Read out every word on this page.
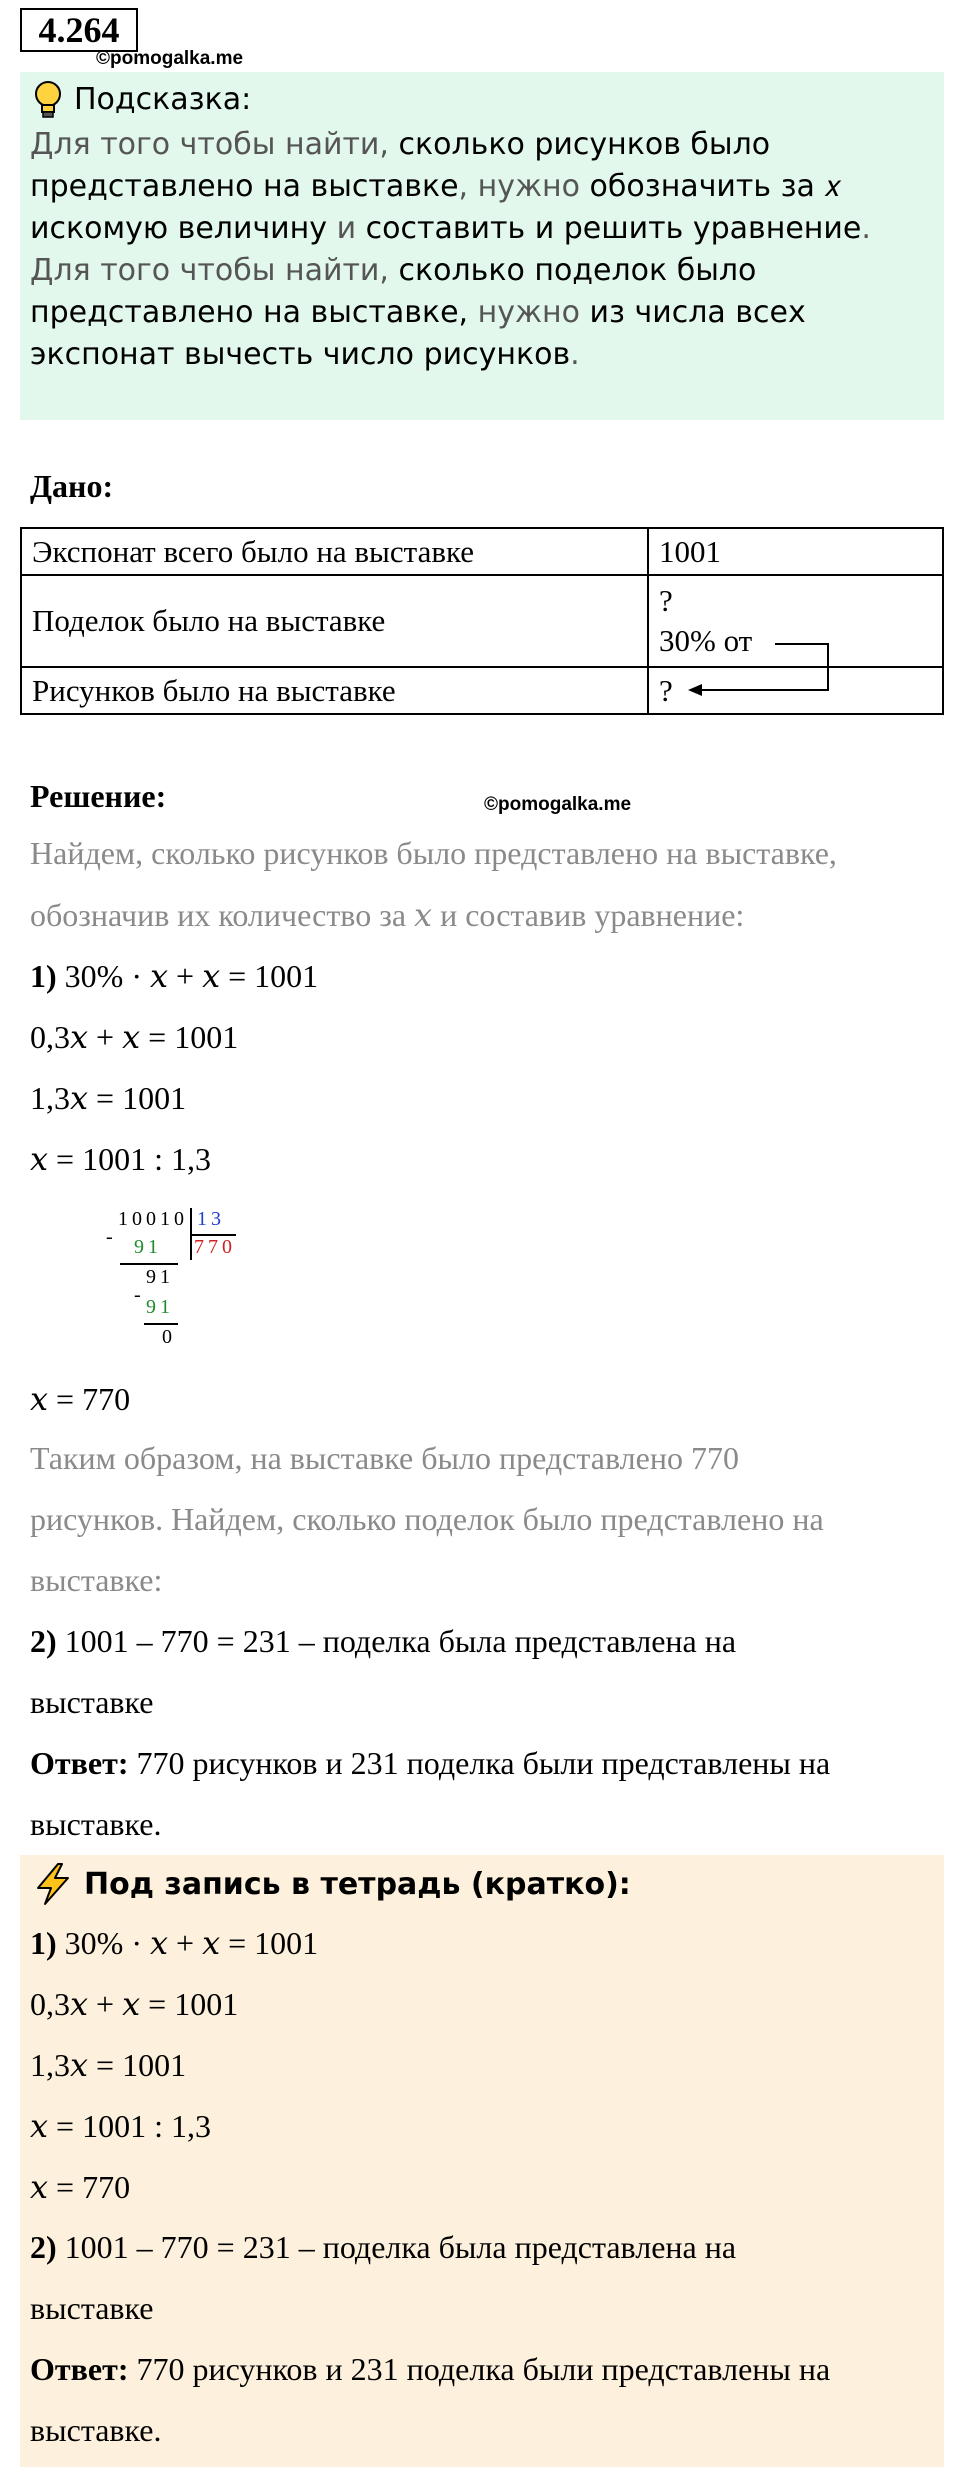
4.264
©pomogalka.me
Подсказка:
Для того чтобы найти, сколько рисунков было представлено на выставке, нужно обозначить за 𝑥 искомую величину и составить и решить уравнение.
Для того чтобы найти, сколько поделок было представлено на выставке, нужно из числа всех экспонат вычесть число рисунков.
Дано:
Экспонат всего было на выставке	1001
Поделок было на выставке	?
30% от

Рисунков было на выставке	?
Решение:	©pomogalka.me
Найдем, сколько рисунков было представлено на выставке,
обозначив их количество за 𝑥 и составив уравнение:
1) 30% · 𝑥 + 𝑥 = 1001
0,3𝑥 + 𝑥 = 1001
1,3𝑥 = 1001
𝑥 = 1001 : 1,3
10010 13
770
- 91
91
-
91
0
𝑥 = 770
Таким образом, на выставке было представлено 770
рисунков. Найдем, сколько поделок было представлено на
выставке:
2) 1001 – 770 = 231 – поделка была представлена на
выставке
Ответ: 770 рисунков и 231 поделка были представлены на
выставке.
Под запись в тетрадь (кратко):
1) 30% · 𝑥 + 𝑥 = 1001
0,3𝑥 + 𝑥 = 1001
1,3𝑥 = 1001
𝑥 = 1001 : 1,3
𝑥 = 770
2) 1001 – 770 = 231 – поделка была представлена на
выставке
Ответ: 770 рисунков и 231 поделка были представлены на
выставке.
